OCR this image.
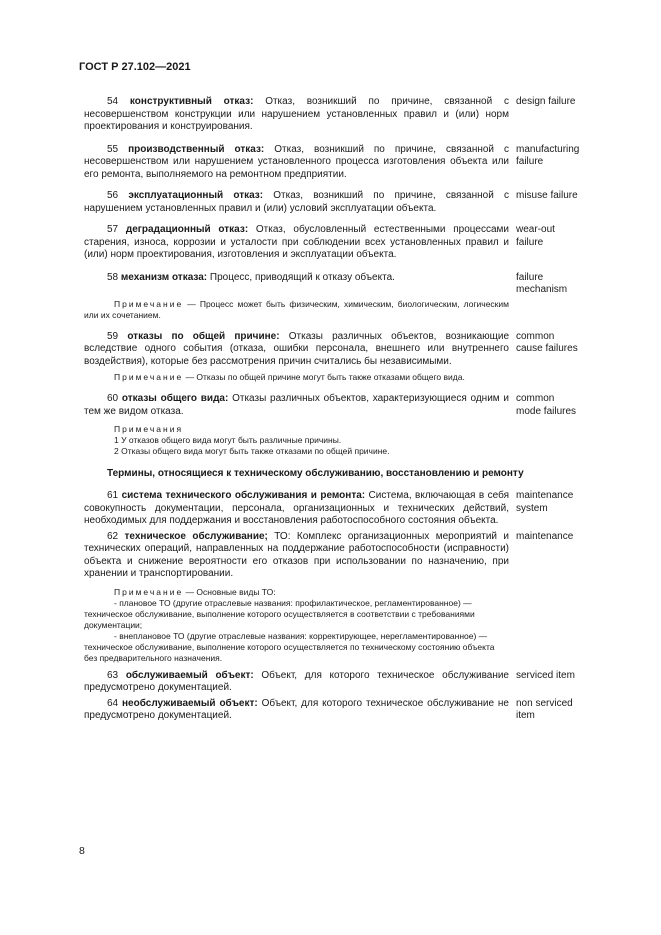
ГОСТ Р 27.102—2021
54 конструктивный отказ: Отказ, возникший по причине, связанной с несовершенством конструкции или нарушением установленных правил и (или) норм проектирования и конструирования.
design failure
55 производственный отказ: Отказ, возникший по причине, связанной с несовершенством или нарушением установленного процесса изготовления объекта или его ремонта, выполняемого на ремонтном предприятии.
manufacturing failure
56 эксплуатационный отказ: Отказ, возникший по причине, связанной с нарушением установленных правил и (или) условий эксплуатации объекта.
misuse failure
57 деградационный отказ: Отказ, обусловленный естественными процессами старения, износа, коррозии и усталости при соблюдении всех установленных правил и (или) норм проектирования, изготовления и эксплуатации объекта.
wear-out failure
58 механизм отказа: Процесс, приводящий к отказу объекта.	failure mechanism
Примечание — Процесс может быть физическим, химическим, биологическим, логическим или их сочетанием.
59 отказы по общей причине: Отказы различных объектов, возникающие вследствие одного события (отказа, ошибки персонала, внешнего или внутреннего воздействия), которые без рассмотрения причин считались бы независимыми.
common cause failures
Примечание — Отказы по общей причине могут быть также отказами общего вида.
60 отказы общего вида: Отказы различных объектов, характеризующиеся одним и тем же видом отказа.
common mode failures
Примечания
1 У отказов общего вида могут быть различные причины.
2 Отказы общего вида могут быть также отказами по общей причине.
Термины, относящиеся к техническому обслуживанию, восстановлению и ремонту
61 система технического обслуживания и ремонта: Система, включающая в себя совокупность документации, персонала, организационных и технических действий, необходимых для поддержания и восстановления работоспособного состояния объекта.
maintenance system
62 техническое обслуживание; ТО: Комплекс организационных мероприятий и технических операций, направленных на поддержание работоспособности (исправности) объекта и снижение вероятности его отказов при использовании по назначению, при хранении и транспортировании.
maintenance
Примечание — Основные виды ТО:
- плановое ТО (другие отраслевые названия: профилактическое, регламентированное) — техническое обслуживание, выполнение которого осуществляется в соответствии с требованиями документации;
- внеплановое ТО (другие отраслевые названия: корректирующее, нерегламентированное) — техническое обслуживание, выполнение которого осуществляется по техническому состоянию объекта без предварительного назначения.
63 обслуживаемый объект: Объект, для которого техническое обслуживание предусмотрено документацией.
serviced item
64 необслуживаемый объект: Объект, для которого техническое обслуживание не предусмотрено документацией.
non serviced item
8
